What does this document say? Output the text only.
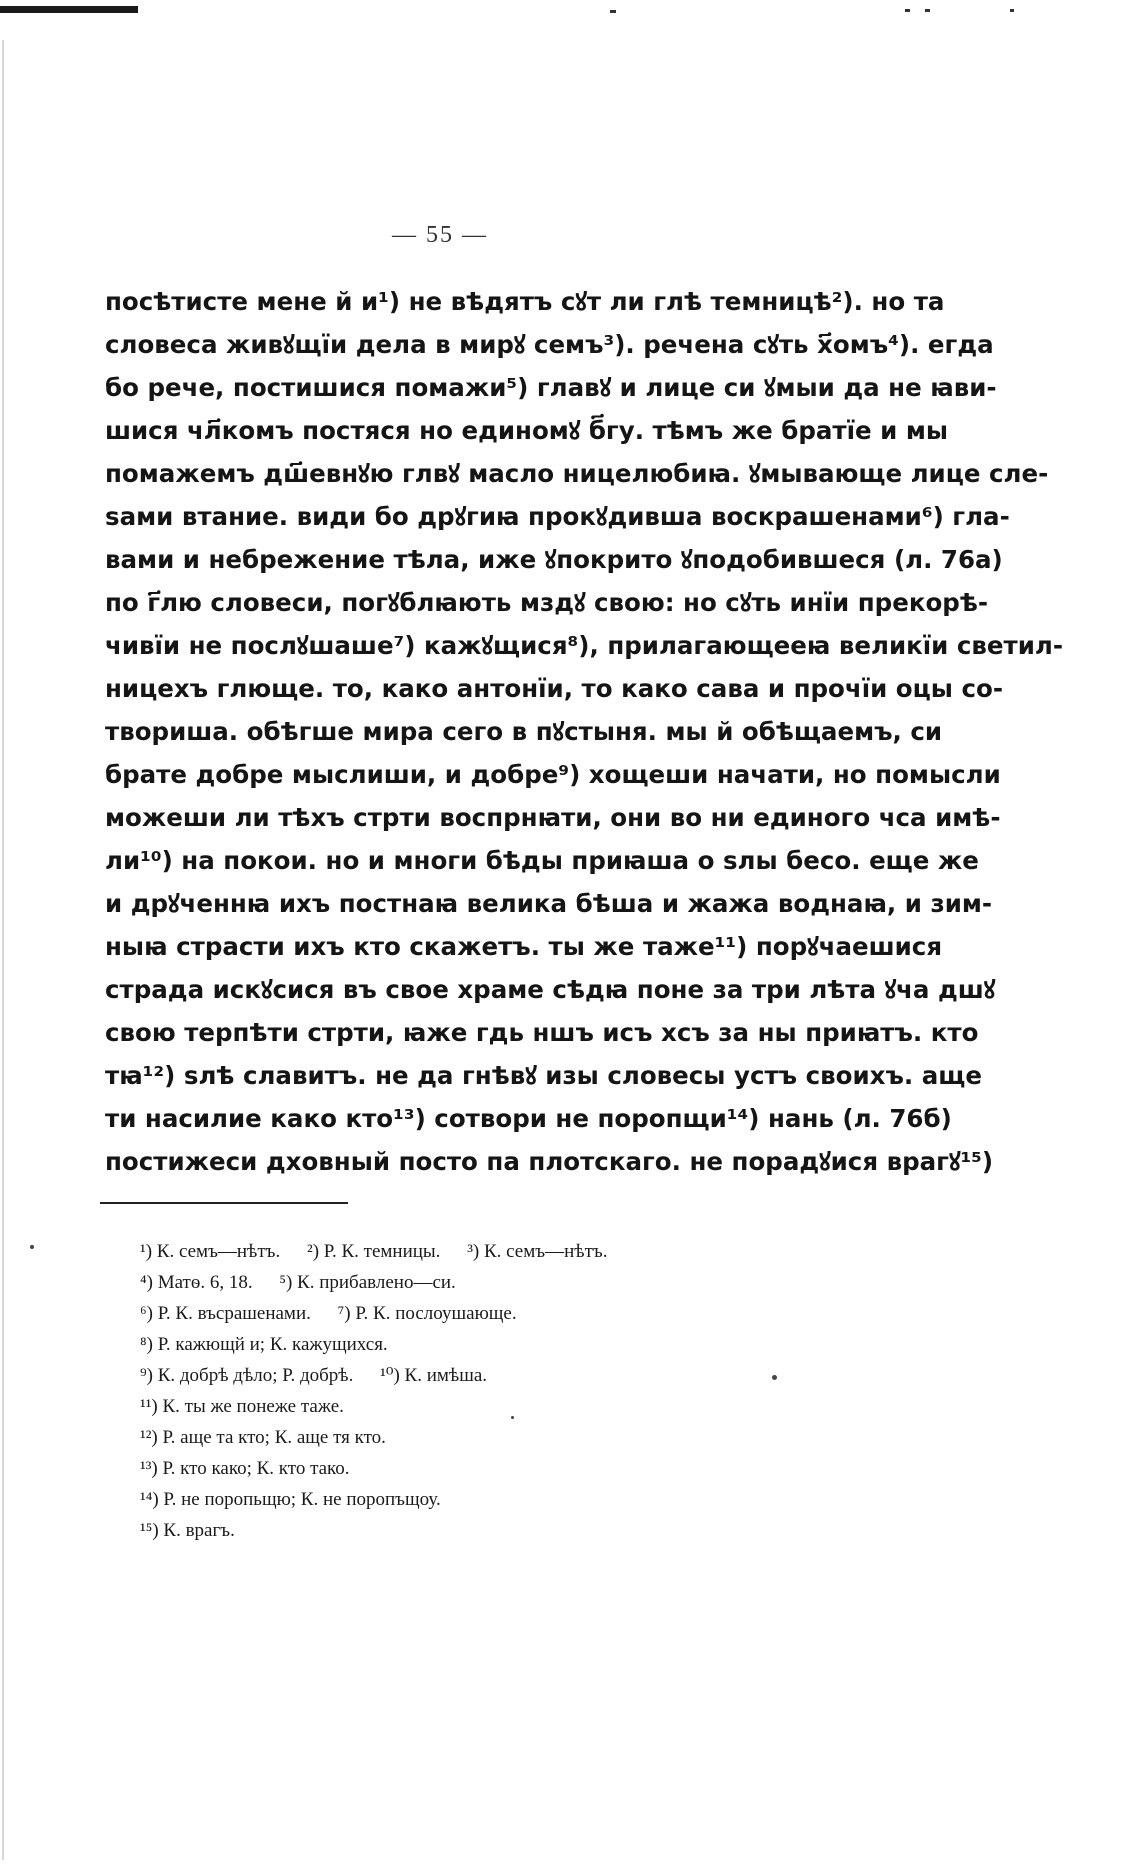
— 55 —
посѣтисте мене й и¹) не вѣдятъ сꙋт ли глѣ темницѣ²). но та
словеса живꙋщїи дела в мирꙋ семъ³). речена сꙋть х҃омъ⁴). егда
бо рече, постишися помажи⁵) главꙋ и лице си ꙋмыи да не ꙗви-
шися чл҃комъ постяся но единомꙋ б҃гу. тѣмъ же братїе и мы
помажемъ дш҃евнꙋю глвꙋ масло ницелюбиꙗ. ꙋмывающе лице сле-
ѕами втание. види бо дрꙋгиꙗ прокꙋдивша воскрашенами⁶) гла-
вами и небрежение тѣла, иже ꙋпокрито ꙋподобившеся (л. 76а)
по г҃лю словеси, погꙋблꙗють мздꙋ свою: но сꙋть инїи прекорѣ-
чивїи не послꙋшаше⁷) кажꙋщися⁸), прилагающееꙗ великїи светил-
ницехъ глющe. то, како антонїи, то како сава и прочїи оцы со-
твориша. обѣгше мира сего в пꙋстыня. мы й обѣщаемъ, си
брате добре мыслиши, и добре⁹) хощеши начати, но помысли
можеши ли тѣхъ стрти воспрнꙗти, они во ни единого чса имѣ-
ли¹⁰) на покои. но и многи бѣды приꙗша о ѕлы бесо. еще же
и дрꙋченнꙗ ихъ постнаꙗ велика бѣша и жажа воднаꙗ, и зим-
ныꙗ страсти ихъ кто скажетъ. ты же таже¹¹) порꙋчаешися
страда искꙋсися въ свое храме сѣдꙗ поне за три лѣта ꙋча дшꙋ
свою терпѣти стрти, ꙗже гдь ншъ исъ хсъ за ны приꙗтъ. кто
тꙗ¹²) ѕлѣ славитъ. не да гнѣвꙋ изы словесы устъ своихъ. аще
ти насилие како кто¹³) сотвори не поропщи¹⁴) нань (л. 76б)
постижеси дховный посто па плотскаго. не порадꙋися врагꙋ¹⁵)
¹) К. семъ—нѣтъ. ²) Р. К. темницы. ³) К. семъ—нѣтъ.
⁴) Матѳ. 6, 18. ⁵) К. прибавлено—си.
⁶) Р. К. въсрашенами. ⁷) Р. К. послоушающе.
⁸) Р. кажющй и; К. кажущихся.
⁹) К. добрѣ дѣло; Р. добрѣ. ¹⁰) К. имѣша.
¹¹) К. ты же понеже таже.
¹²) Р. аще та кто; К. аще тя кто.
¹³) Р. кто како; К. кто тако.
¹⁴) Р. не поропьщю; К. не поропъщоу.
¹⁵) К. врагъ.
